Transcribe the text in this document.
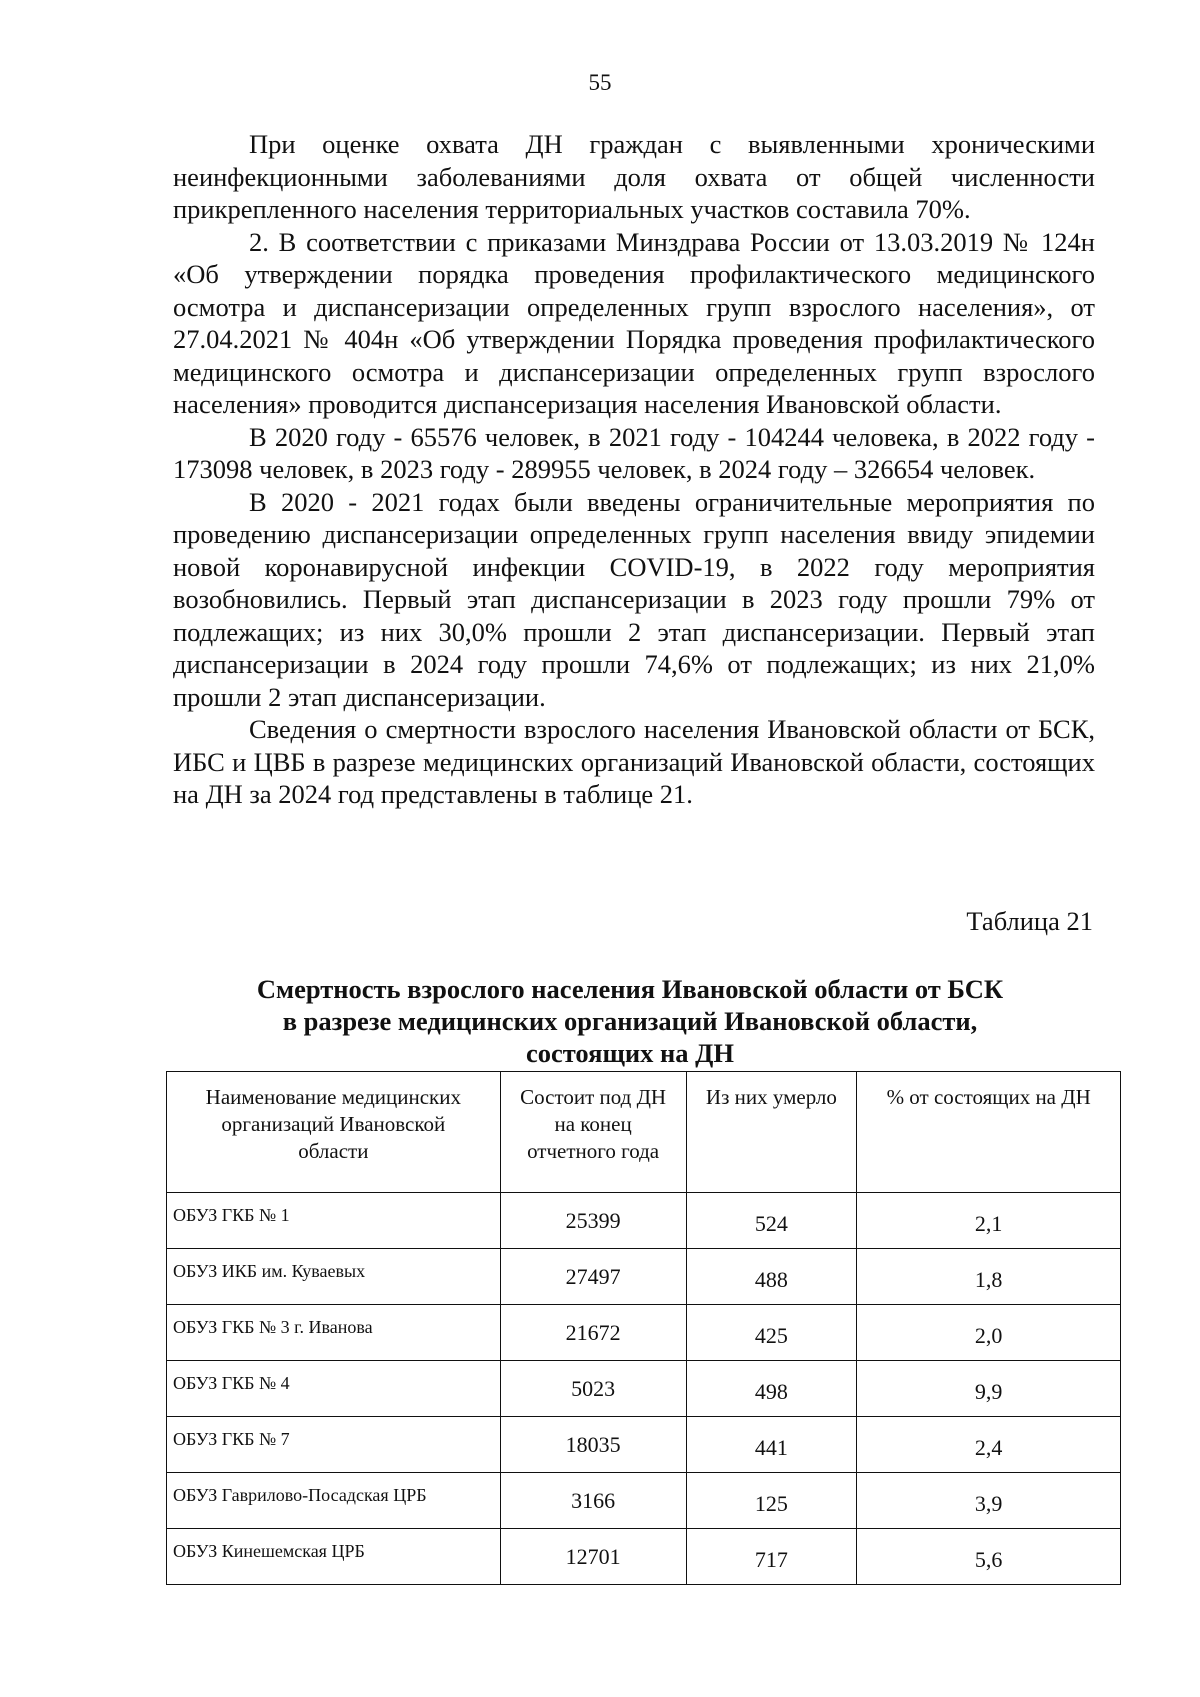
55

При оценке охвата ДН граждан с выявленными хроническими неинфекционными заболеваниями доля охвата от общей численности прикрепленного населения территориальных участков составила 70%.

2. В соответствии с приказами Минздрава России от 13.03.2019 № 124н «Об утверждении порядка проведения профилактического медицинского осмотра и диспансеризации определенных групп взрослого населения», от 27.04.2021 № 404н «Об утверждении Порядка проведения профилактического медицинского осмотра и диспансеризации определенных групп взрослого населения» проводится диспансеризация населения Ивановской области.

В 2020 году - 65576 человек, в 2021 году - 104244 человека, в 2022 году - 173098 человек, в 2023 году - 289955 человек, в 2024 году – 326654 человек.

В 2020 - 2021 годах были введены ограничительные мероприятия по проведению диспансеризации определенных групп населения ввиду эпидемии новой коронавирусной инфекции COVID-19, в 2022 году мероприятия возобновились. Первый этап диспансеризации в 2023 году прошли 79% от подлежащих; из них 30,0% прошли 2 этап диспансеризации. Первый этап диспансеризации в 2024 году прошли 74,6% от подлежащих; из них 21,0% прошли 2 этап диспансеризации.

Сведения о смертности взрослого населения Ивановской области от БСК, ИБС и ЦВБ в разрезе медицинских организаций Ивановской области, состоящих на ДН за 2024 год представлены в таблице 21.

Таблица 21
Смертность взрослого населения Ивановской области от БСК
в разрезе медицинских организаций Ивановской области,
состоящих на ДН
Наименование медицинских организаций Ивановской области	Состоит под ДН на конец отчетного года	Из них умерло	% от состоящих на ДН
ОБУЗ ГКБ № 1	25399	524	2,1
ОБУЗ ИКБ им. Куваевых	27497	488	1,8
ОБУЗ ГКБ № 3 г. Иванова	21672	425	2,0
ОБУЗ ГКБ № 4	5023	498	9,9
ОБУЗ ГКБ № 7	18035	441	2,4
ОБУЗ Гаврилово-Посадская ЦРБ	3166	125	3,9
ОБУЗ Кинешемская ЦРБ	12701	717	5,6
